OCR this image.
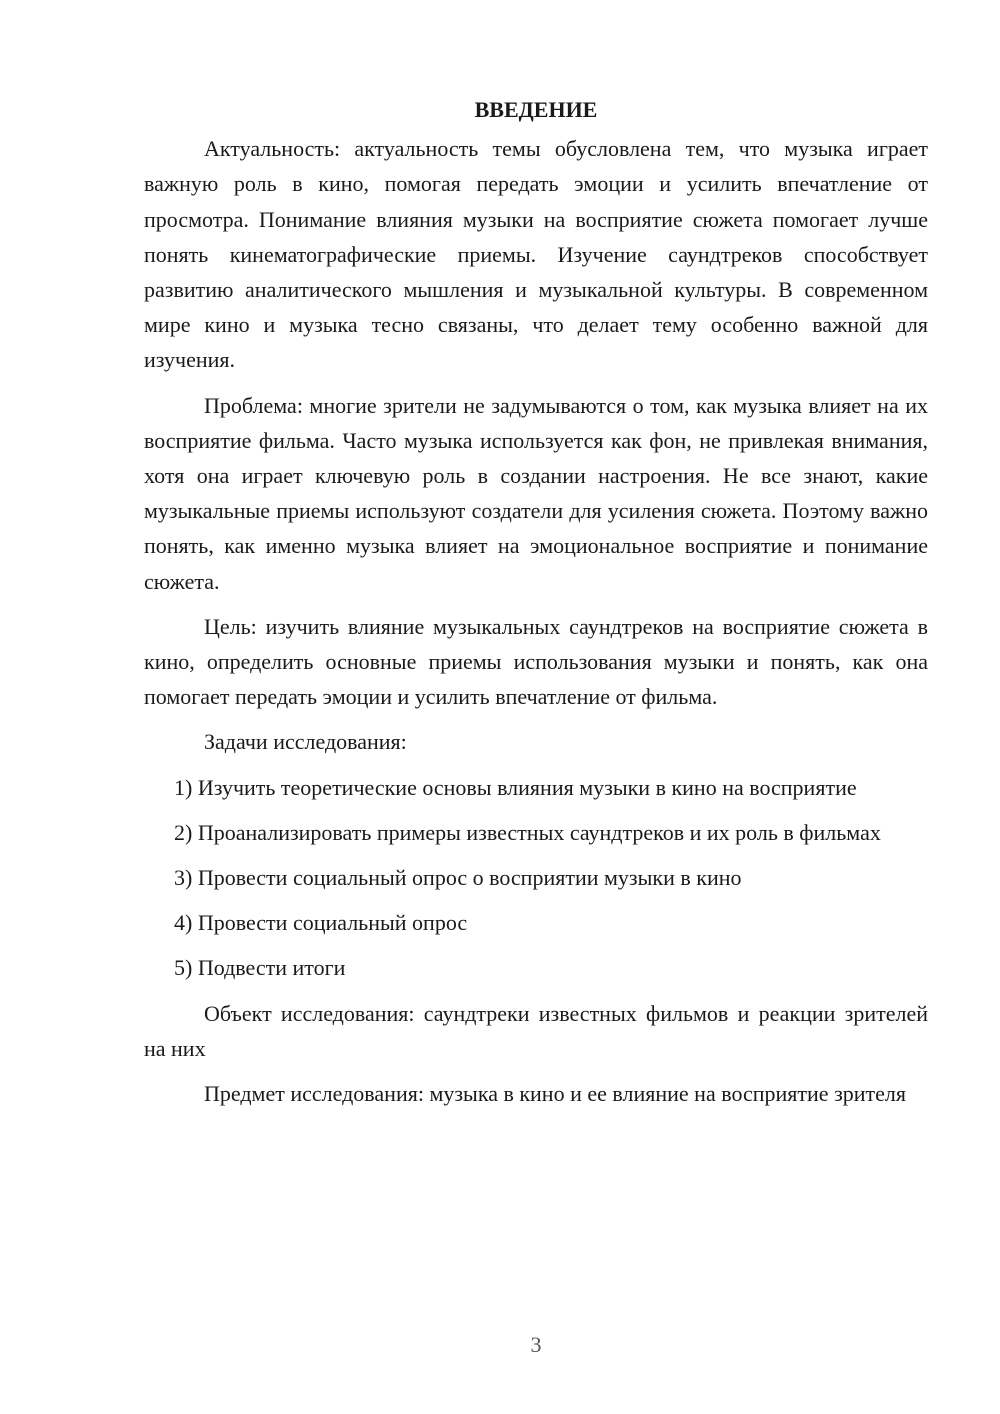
ВВЕДЕНИЕ

Актуальность: актуальность темы обусловлена тем, что музыка играет важную роль в кино, помогая передать эмоции и усилить впечатление от просмотра. Понимание влияния музыки на восприятие сюжета помогает лучше понять кинематографические приемы. Изучение саундтреков способствует развитию аналитического мышления и музыкальной культуры. В современном мире кино и музыка тесно связаны, что делает тему особенно важной для изучения.

Проблема: многие зрители не задумываются о том, как музыка влияет на их восприятие фильма. Часто музыка используется как фон, не привлекая внимания, хотя она играет ключевую роль в создании настроения. Не все знают, какие музыкальные приемы используют создатели для усиления сюжета. Поэтому важно понять, как именно музыка влияет на эмоциональное восприятие и понимание сюжета.

Цель: изучить влияние музыкальных саундтреков на восприятие сюжета в кино, определить основные приемы использования музыки и понять, как она помогает передать эмоции и усилить впечатление от фильма.

Задачи исследования:

1) Изучить теоретические основы влияния музыки в кино на восприятие

2) Проанализировать примеры известных саундтреков и их роль в фильмах

3) Провести социальный опрос о восприятии музыки в кино

4) Провести социальный опрос

5) Подвести итоги

Объект исследования: саундтреки известных фильмов и реакции зрителей на них

Предмет исследования: музыка в кино и ее влияние на восприятие зрителя

3
